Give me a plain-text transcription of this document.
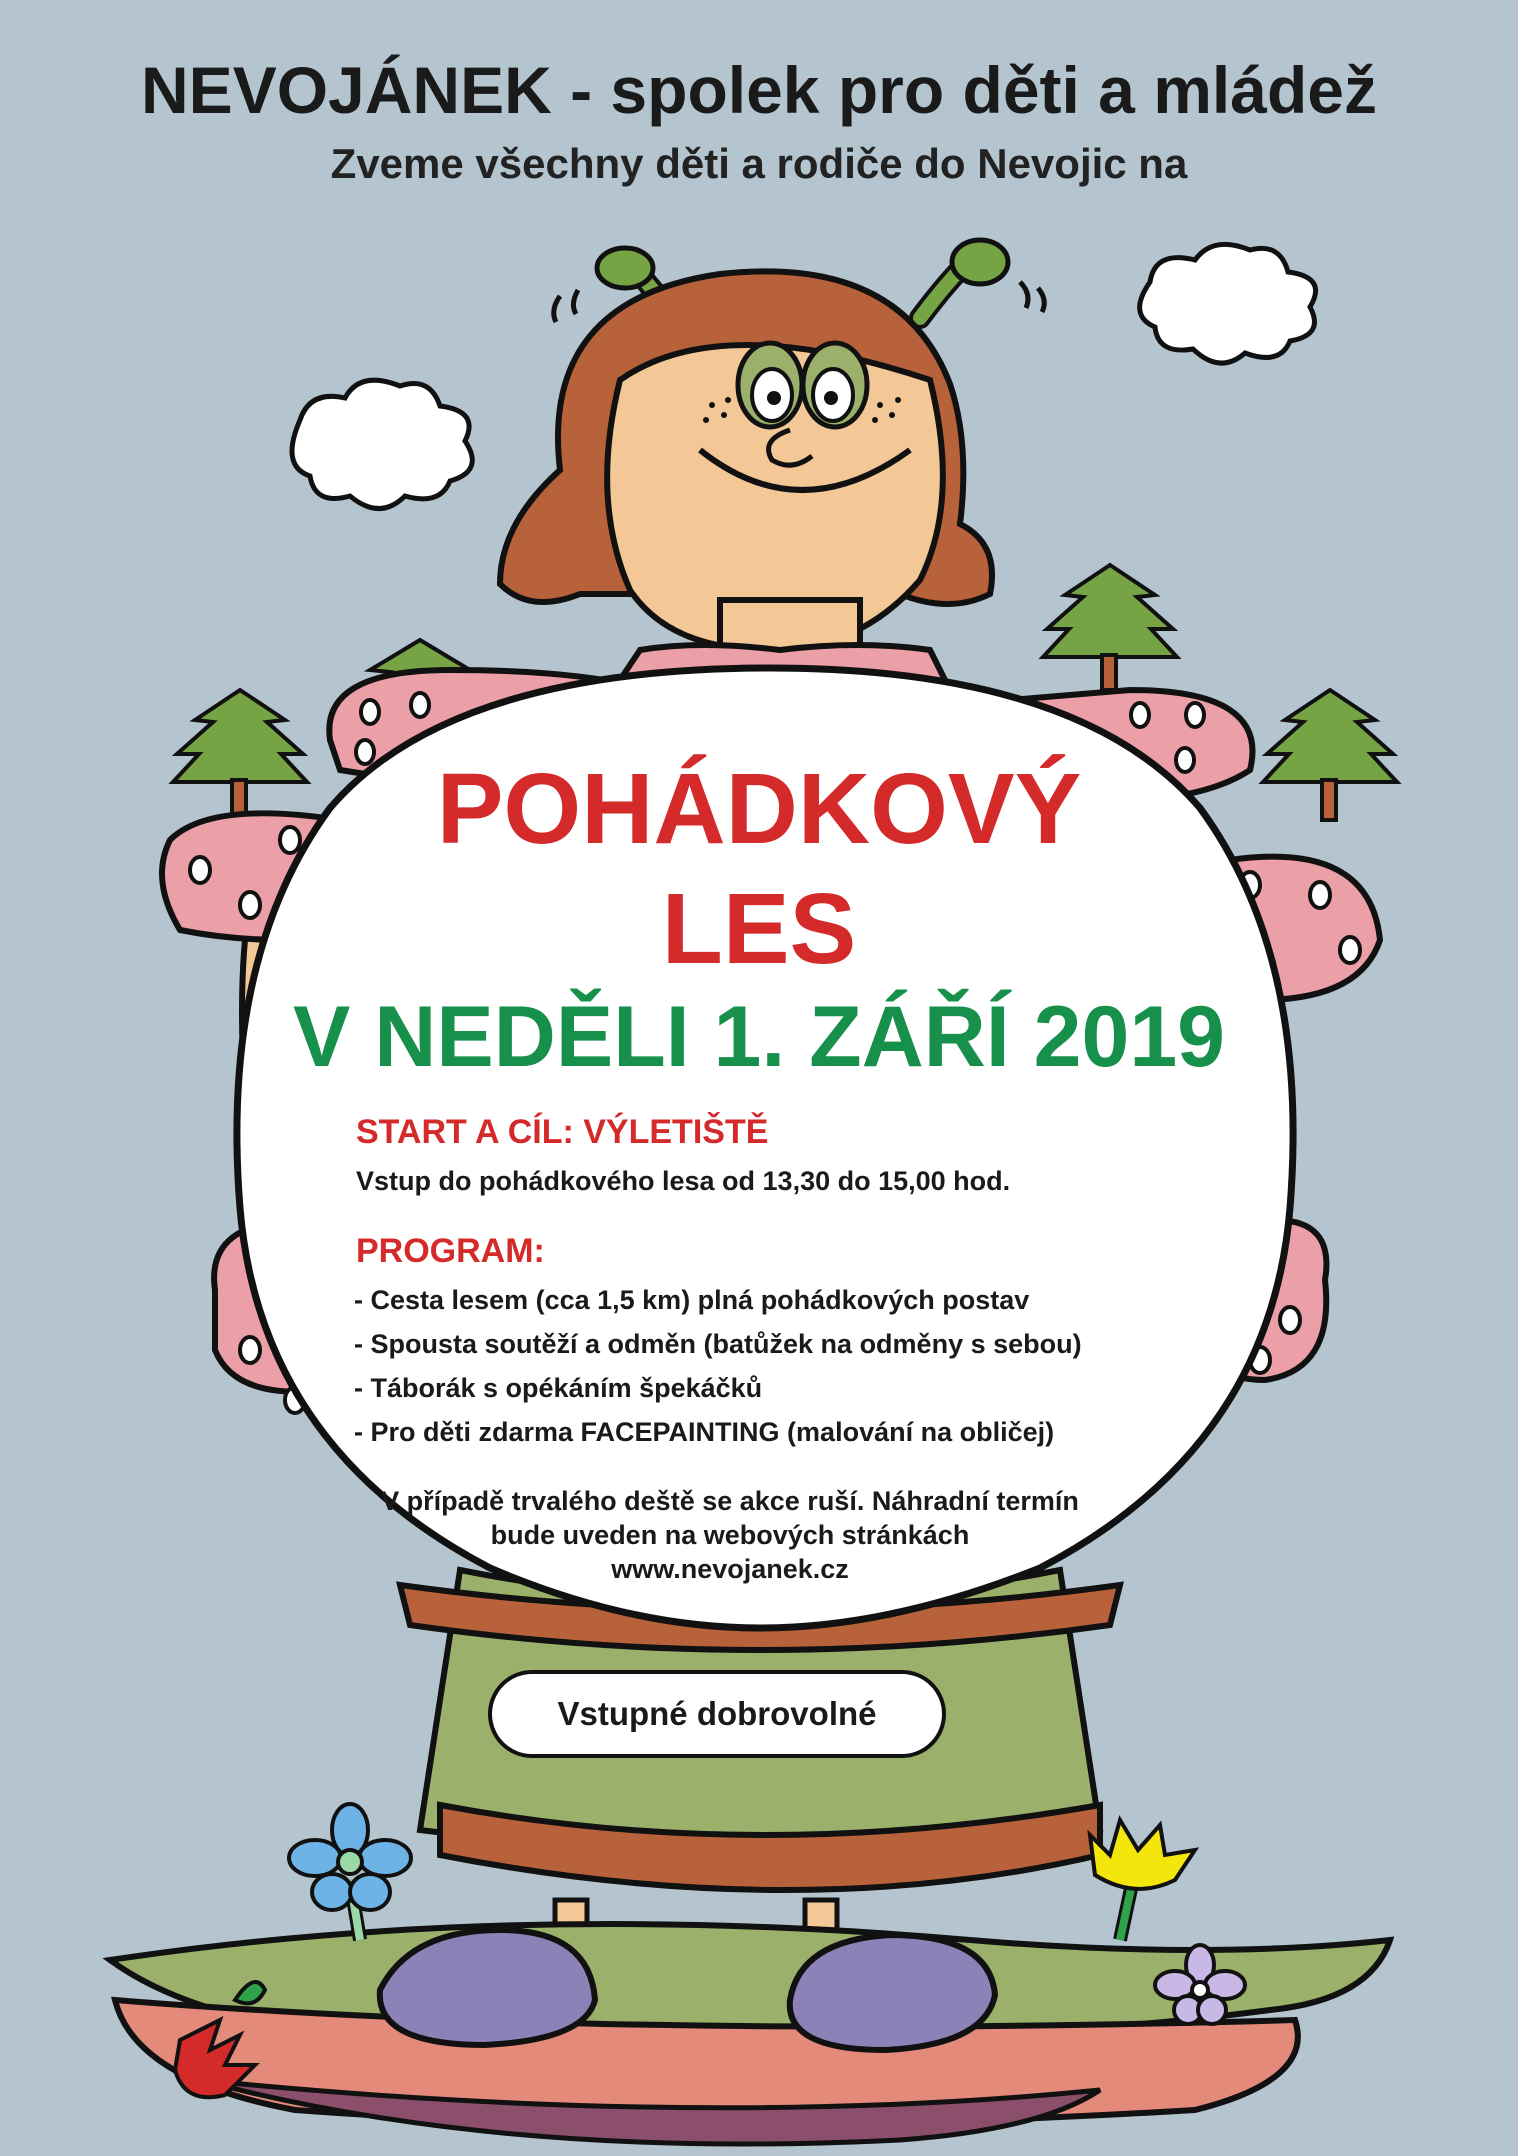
NEVOJÁNEK - spolek pro děti a mládež

Zveme všechny děti a rodiče do Nevojic na

POHÁDKOVÝ

LES

V NEDĚLI 1. ZÁŘÍ 2019

START A CÍL: VÝLETIŠTĚ

Vstup do pohádkového lesa od 13,30 do 15,00 hod.

PROGRAM:

- Cesta lesem (cca 1,5 km) plná pohádkových postav
- Spousta soutěží a odměn (batůžek na odměny s sebou)
- Táborák s opékáním špekáčků
- Pro děti zdarma FACEPAINTING (malování na obličej)

V případě trvalého deště se akce ruší. Náhradní termín
bude uveden na webových stránkách
www.nevojanek.cz

Vstupné dobrovolné
